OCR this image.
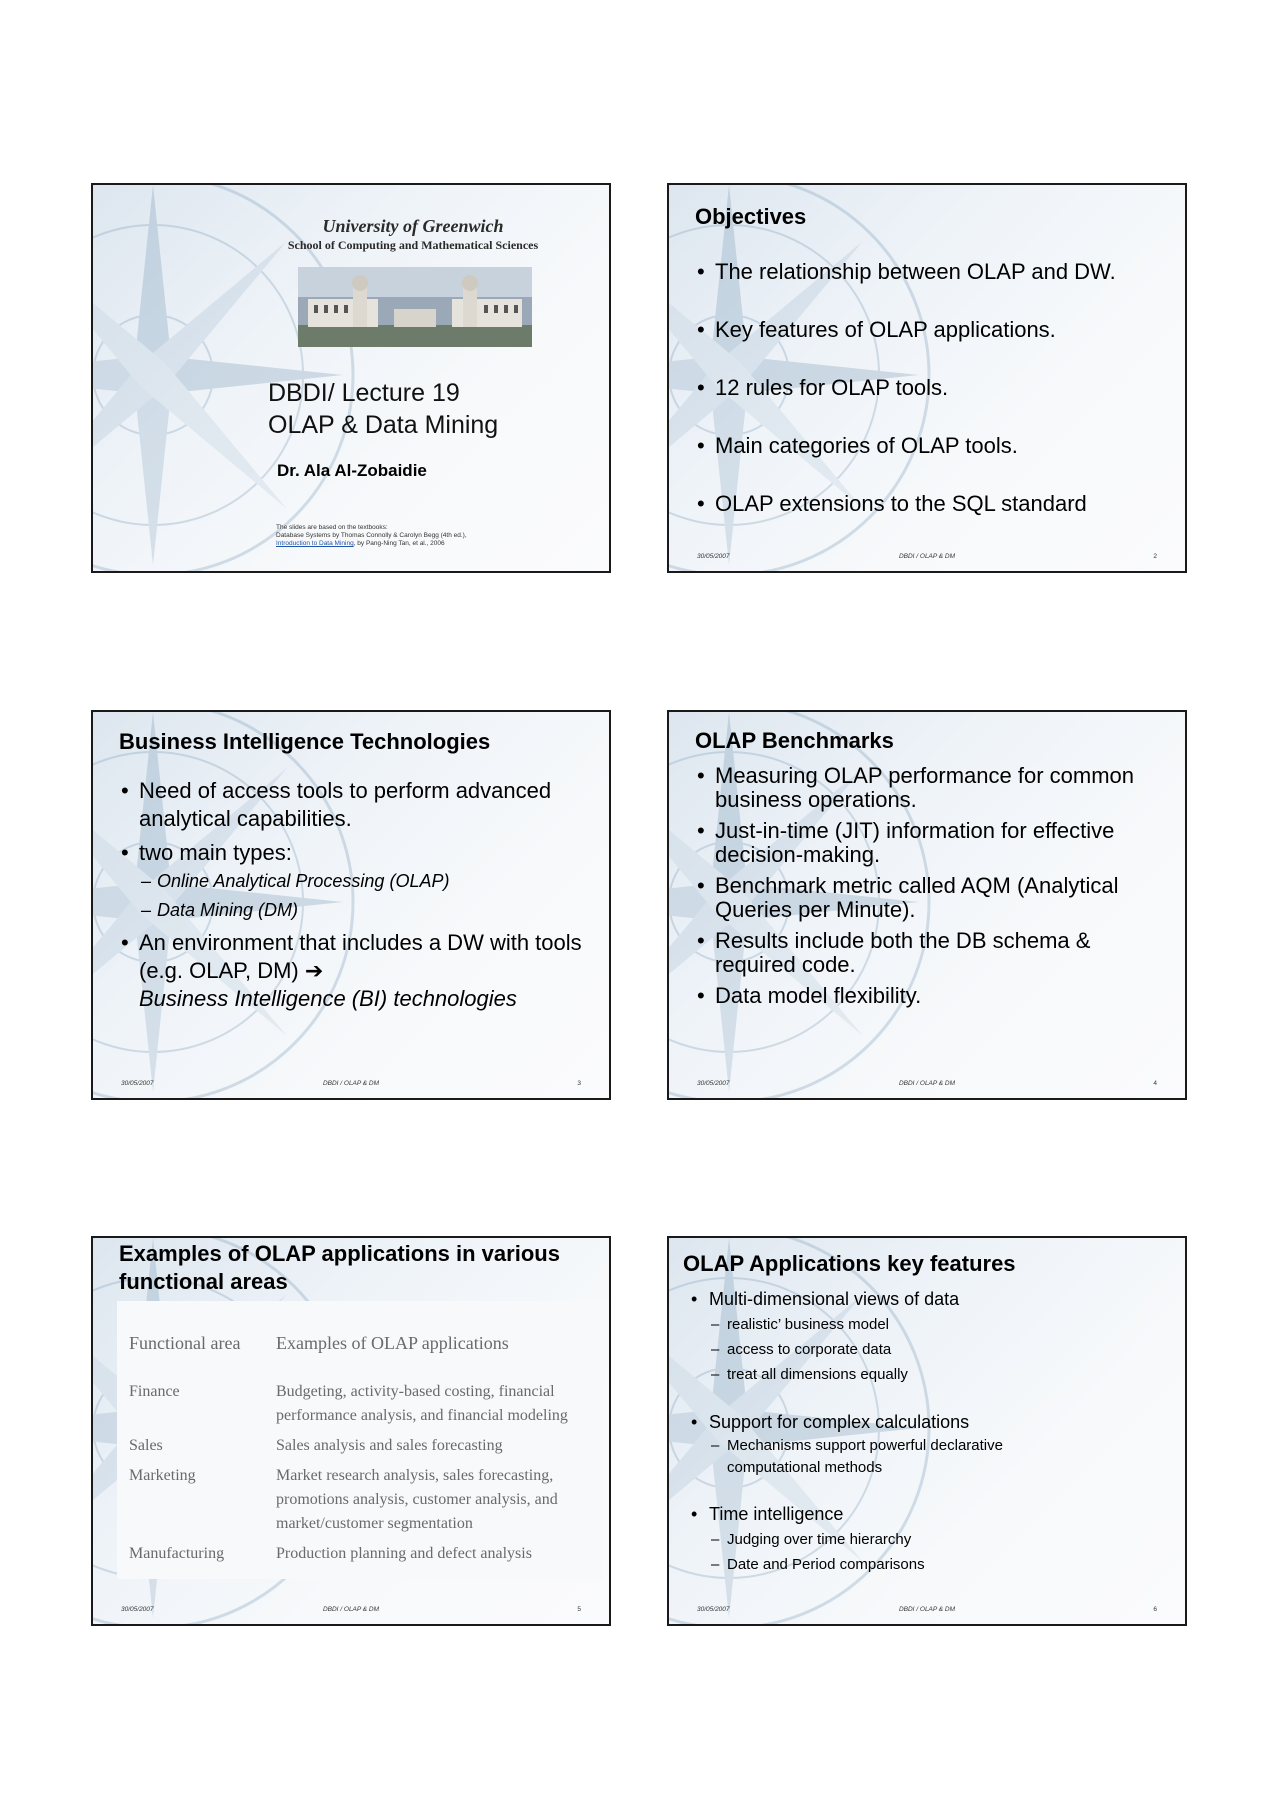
University of Greenwich
School of Computing and Mathematical Sciences
DBDI/ Lecture 19
OLAP & Data Mining
Dr. Ala Al-Zobaidie
The slides are based on the textbooks:
Database Systems by Thomas Connolly & Carolyn Begg (4th ed.),
Introduction to Data Mining, by Pang-Ning Tan, et al., 2006
Objectives
• The relationship between OLAP and DW.
• Key features of OLAP applications.
• 12 rules for OLAP tools.
• Main categories of OLAP tools.
• OLAP extensions to the SQL standard
30/05/2007	DBDI / OLAP & DM	2
Business Intelligence Technologies
• Need of access tools to perform advanced analytical capabilities.
• two main types:
– Online Analytical Processing (OLAP)
– Data Mining (DM)
• An environment that includes a DW with tools (e.g. OLAP, DM) ➔
Business Intelligence (BI) technologies
30/05/2007	DBDI / OLAP & DM	3
OLAP Benchmarks
• Measuring OLAP performance for common business operations.
• Just-in-time (JIT) information for effective decision-making.
• Benchmark metric called AQM (Analytical Queries per Minute).
• Results include both the DB schema & required code.
• Data model flexibility.
30/05/2007	DBDI / OLAP & DM	4
Examples of OLAP applications in various functional areas
Functional area	Examples of OLAP applications
Finance	Budgeting, activity-based costing, financial performance analysis, and financial modeling
Sales	Sales analysis and sales forecasting
Marketing	Market research analysis, sales forecasting, promotions analysis, customer analysis, and market/customer segmentation
Manufacturing	Production planning and defect analysis
30/05/2007	DBDI / OLAP & DM	5
OLAP Applications key features
• Multi-dimensional views of data
– realistic’ business model
– access to corporate data
– treat all dimensions equally
• Support for complex calculations
– Mechanisms support powerful declarative computational methods
• Time intelligence
– Judging over time hierarchy
– Date and Period comparisons
30/05/2007	DBDI / OLAP & DM	6
